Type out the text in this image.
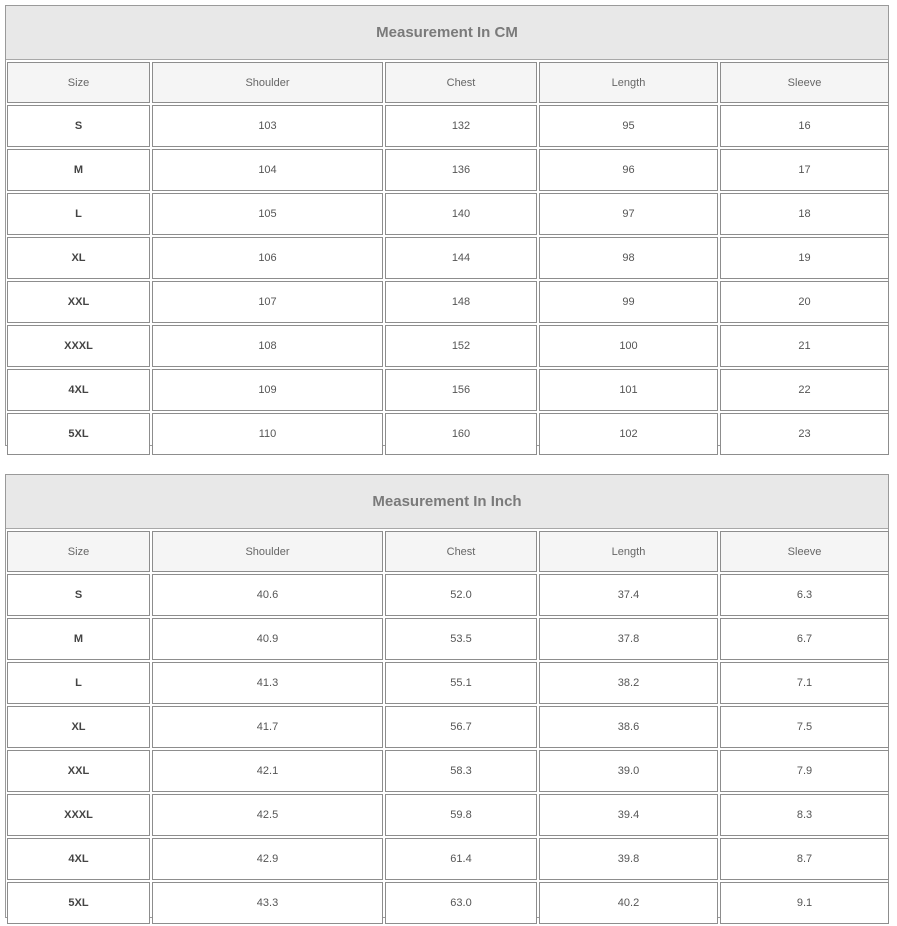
Measurement In CM
Size	Shoulder	Chest	Length	Sleeve
S	103	132	95	16
M	104	136	96	17
L	105	140	97	18
XL	106	144	98	19
XXL	107	148	99	20
XXXL	108	152	100	21
4XL	109	156	101	22
5XL	110	160	102	23
Measurement In Inch
Size	Shoulder	Chest	Length	Sleeve
S	40.6	52.0	37.4	6.3
M	40.9	53.5	37.8	6.7
L	41.3	55.1	38.2	7.1
XL	41.7	56.7	38.6	7.5
XXL	42.1	58.3	39.0	7.9
XXXL	42.5	59.8	39.4	8.3
4XL	42.9	61.4	39.8	8.7
5XL	43.3	63.0	40.2	9.1
